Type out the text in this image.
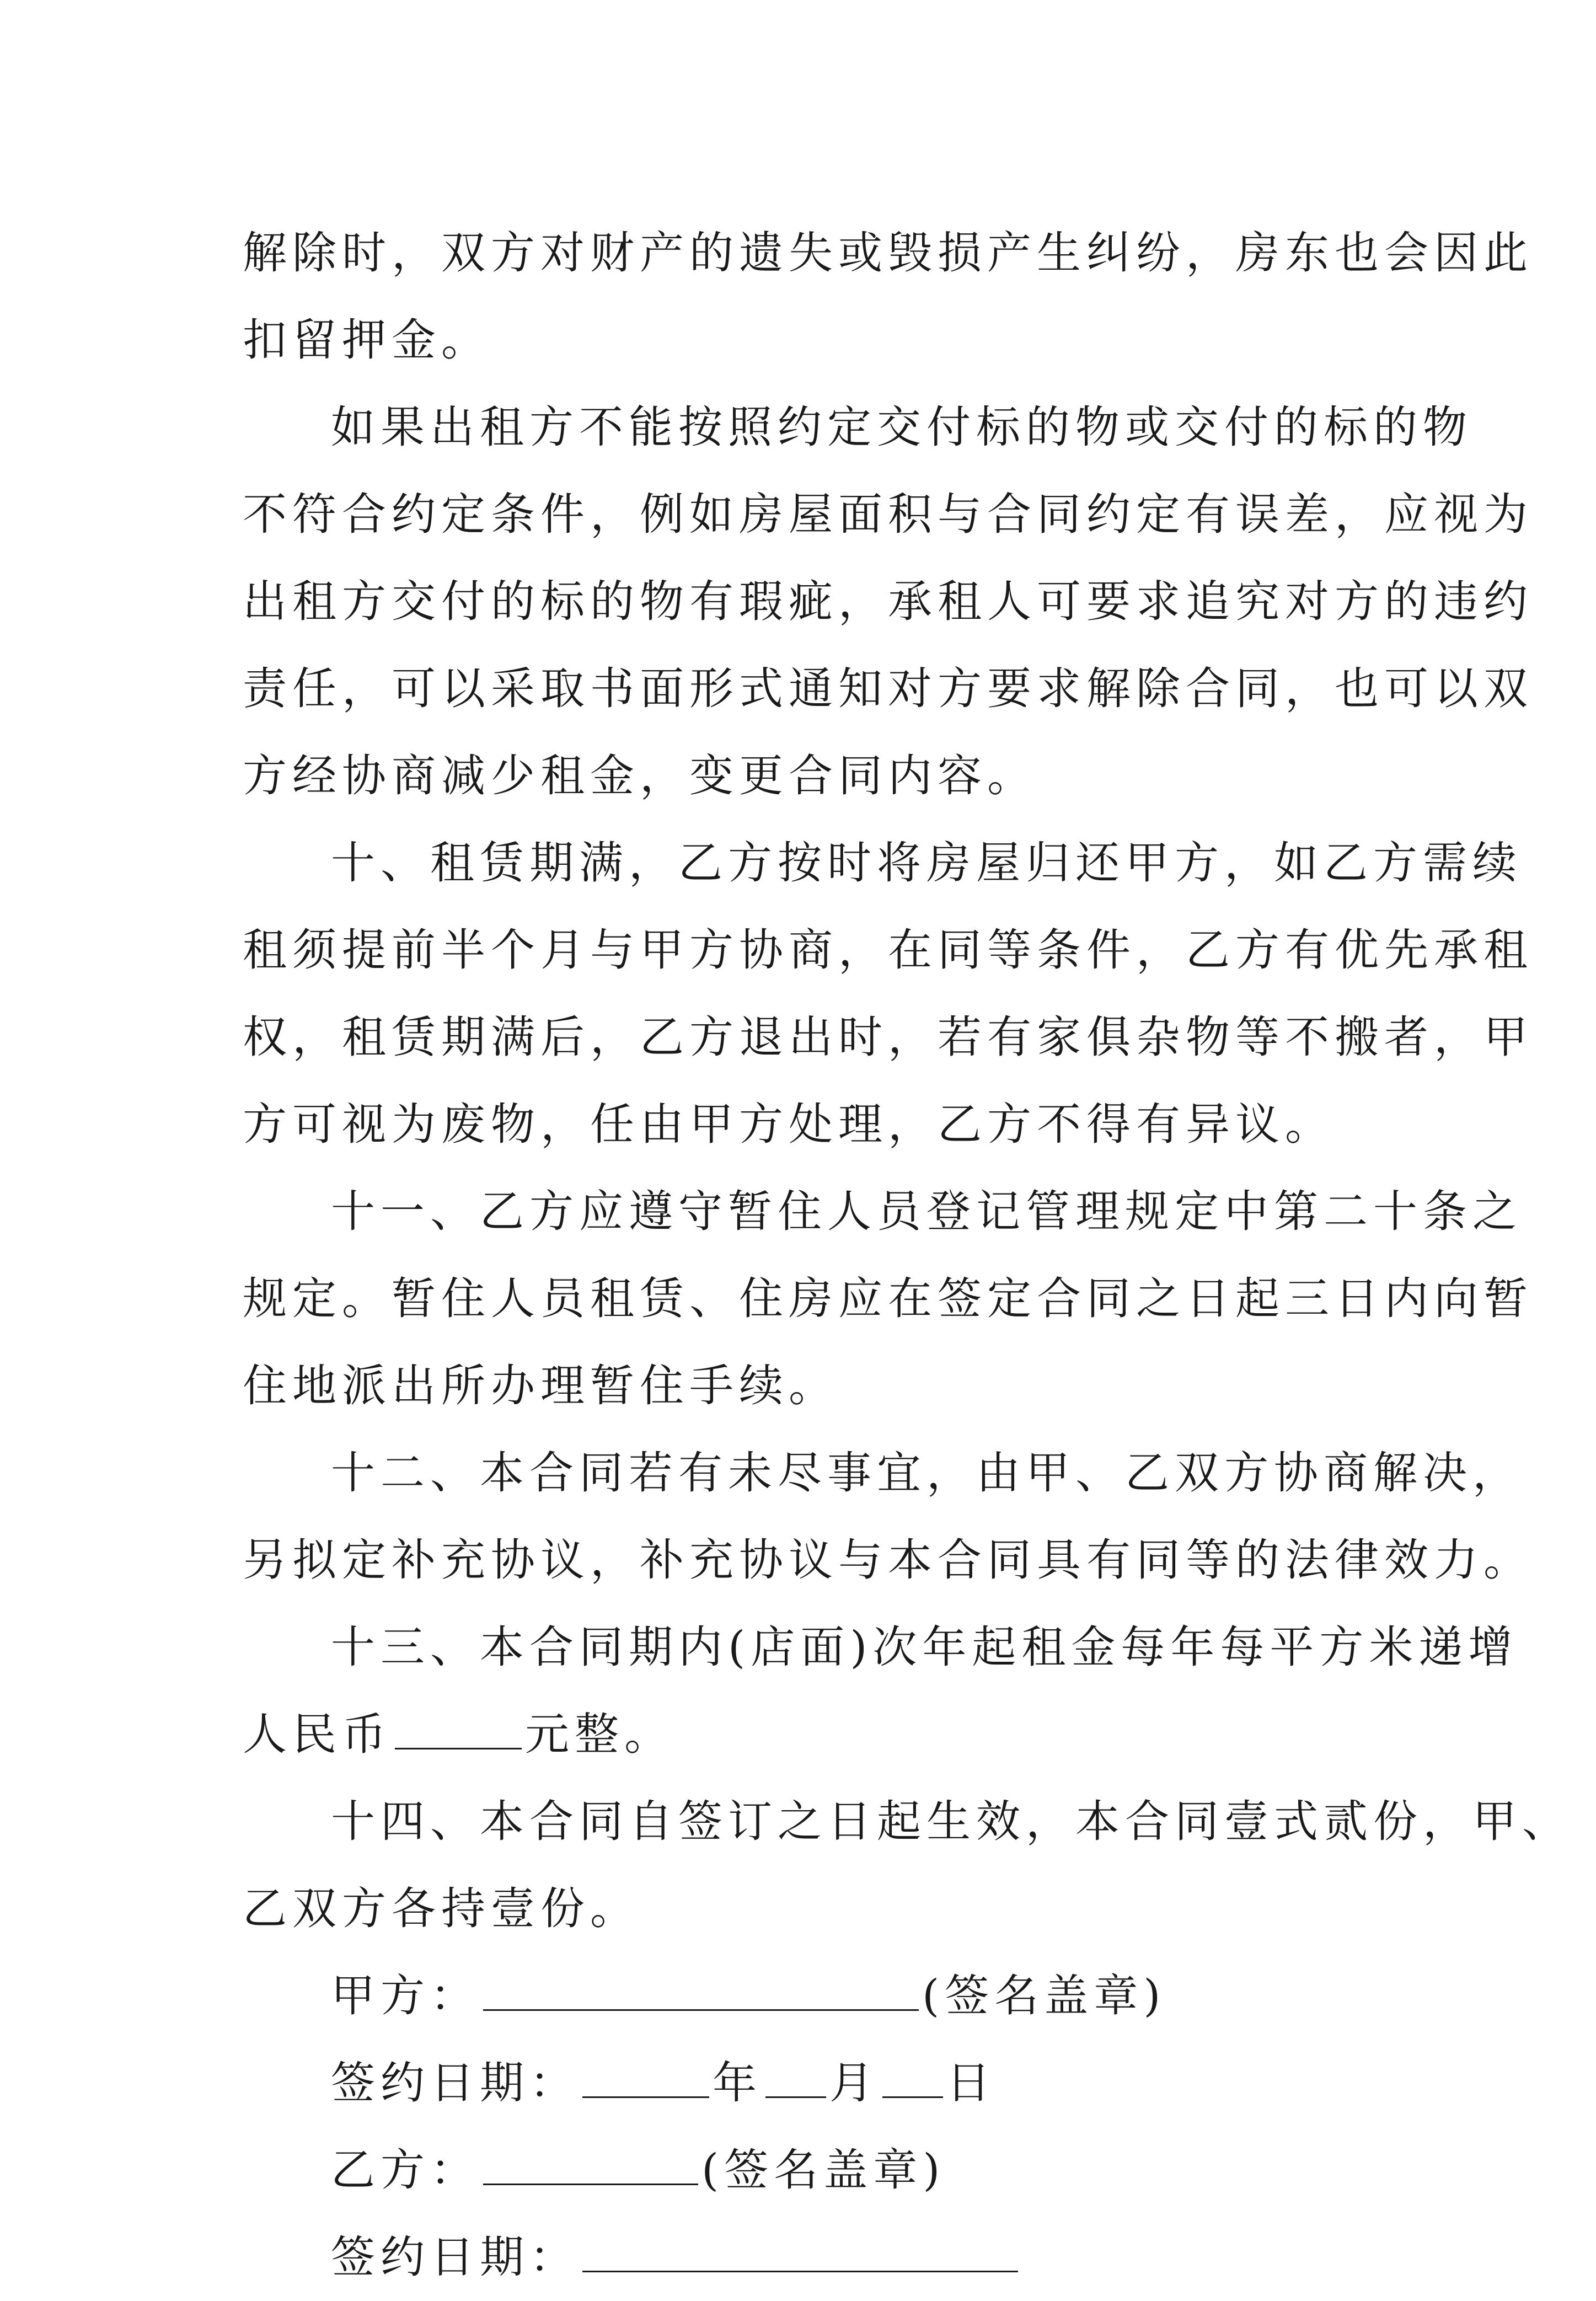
解除时，双方对财产的遗失或毁损产生纠纷，房东也会因此
扣留押金。
如果出租方不能按照约定交付标的物或交付的标的物
不符合约定条件，例如房屋面积与合同约定有误差，应视为
出租方交付的标的物有瑕疵，承租人可要求追究对方的违约
责任，可以采取书面形式通知对方要求解除合同，也可以双
方经协商减少租金，变更合同内容。
十、租赁期满，乙方按时将房屋归还甲方，如乙方需续
租须提前半个月与甲方协商，在同等条件，乙方有优先承租
权，租赁期满后，乙方退出时，若有家俱杂物等不搬者，甲
方可视为废物，任由甲方处理，乙方不得有异议。
十一、乙方应遵守暂住人员登记管理规定中第二十条之
规定。暂住人员租赁、住房应在签定合同之日起三日内向暂
住地派出所办理暂住手续。
十二、本合同若有未尽事宜，由甲、乙双方协商解决，
另拟定补充协议，补充协议与本合同具有同等的法律效力。
十三、本合同期内(店面)次年起租金每年每平方米递增
人民币	元整。
十四、本合同自签订之日起生效，本合同壹式贰份，甲、
乙双方各持壹份。
甲方：	(签名盖章)
签约日期：	年 月 日
乙方：	(签名盖章)
签约日期：
